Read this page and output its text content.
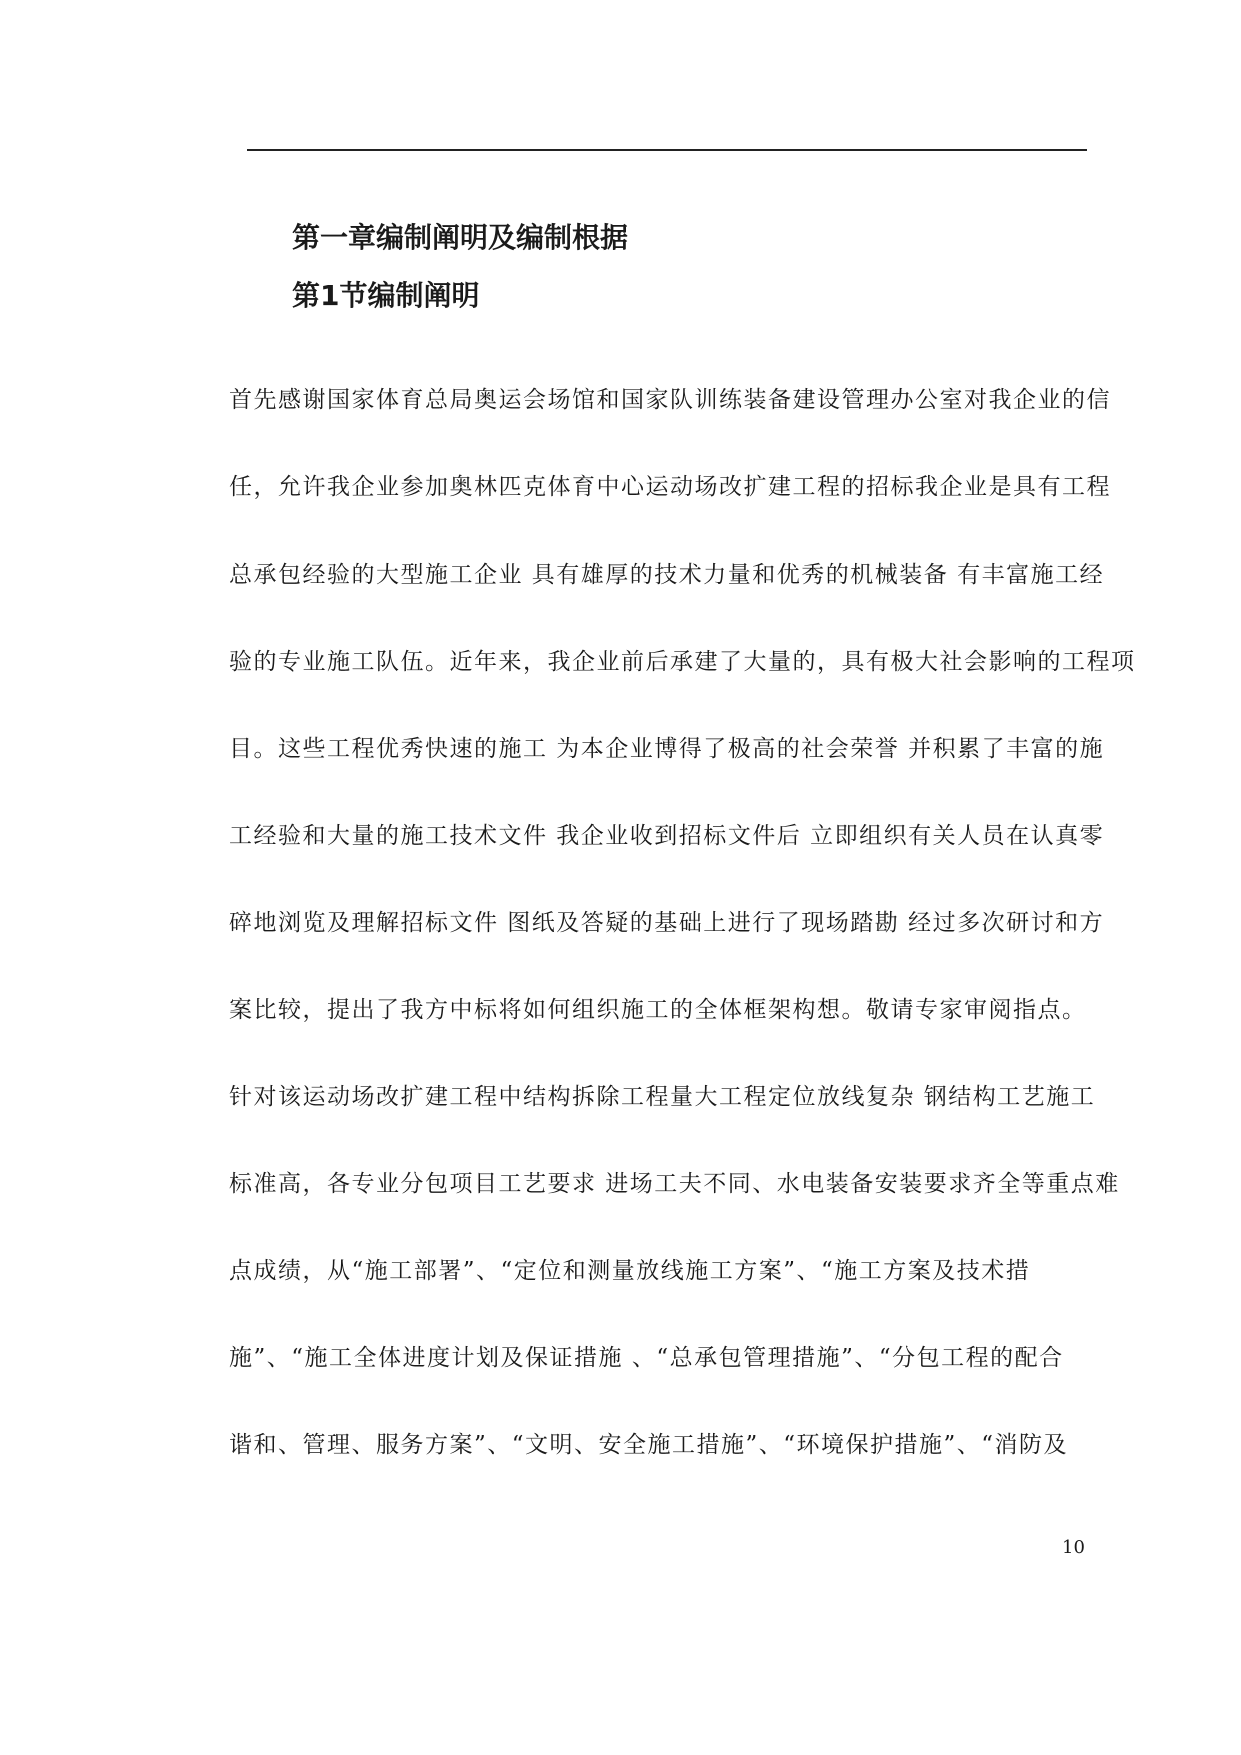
第一章编制阐明及编制根据
第1节编制阐明

首先感谢国家体育总局奥运会场馆和国家队训练装备建设管理办公室对我企业的信

任，允许我企业参加奥林匹克体育中心运动场改扩建工程的招标我企业是具有工程

总承包经验的大型施工企业 具有雄厚的技术力量和优秀的机械装备 有丰富施工经

验的专业施工队伍。近年来，我企业前后承建了大量的，具有极大社会影响的工程项

目。这些工程优秀快速的施工 为本企业博得了极高的社会荣誉 并积累了丰富的施

工经验和大量的施工技术文件 我企业收到招标文件后 立即组织有关人员在认真零

碎地浏览及理解招标文件 图纸及答疑的基础上进行了现场踏勘 经过多次研讨和方

案比较，提出了我方中标将如何组织施工的全体框架构想。敬请专家审阅指点。

针对该运动场改扩建工程中结构拆除工程量大工程定位放线复杂 钢结构工艺施工

标准高，各专业分包项目工艺要求 进场工夫不同、水电装备安装要求齐全等重点难

点成绩，从“施工部署”、“定位和测量放线施工方案”、“施工方案及技术措

施”、“施工全体进度计划及保证措施 、“总承包管理措施”、“分包工程的配合

谐和、管理、服务方案”、“文明、安全施工措施”、“环境保护措施”、“消防及

10
